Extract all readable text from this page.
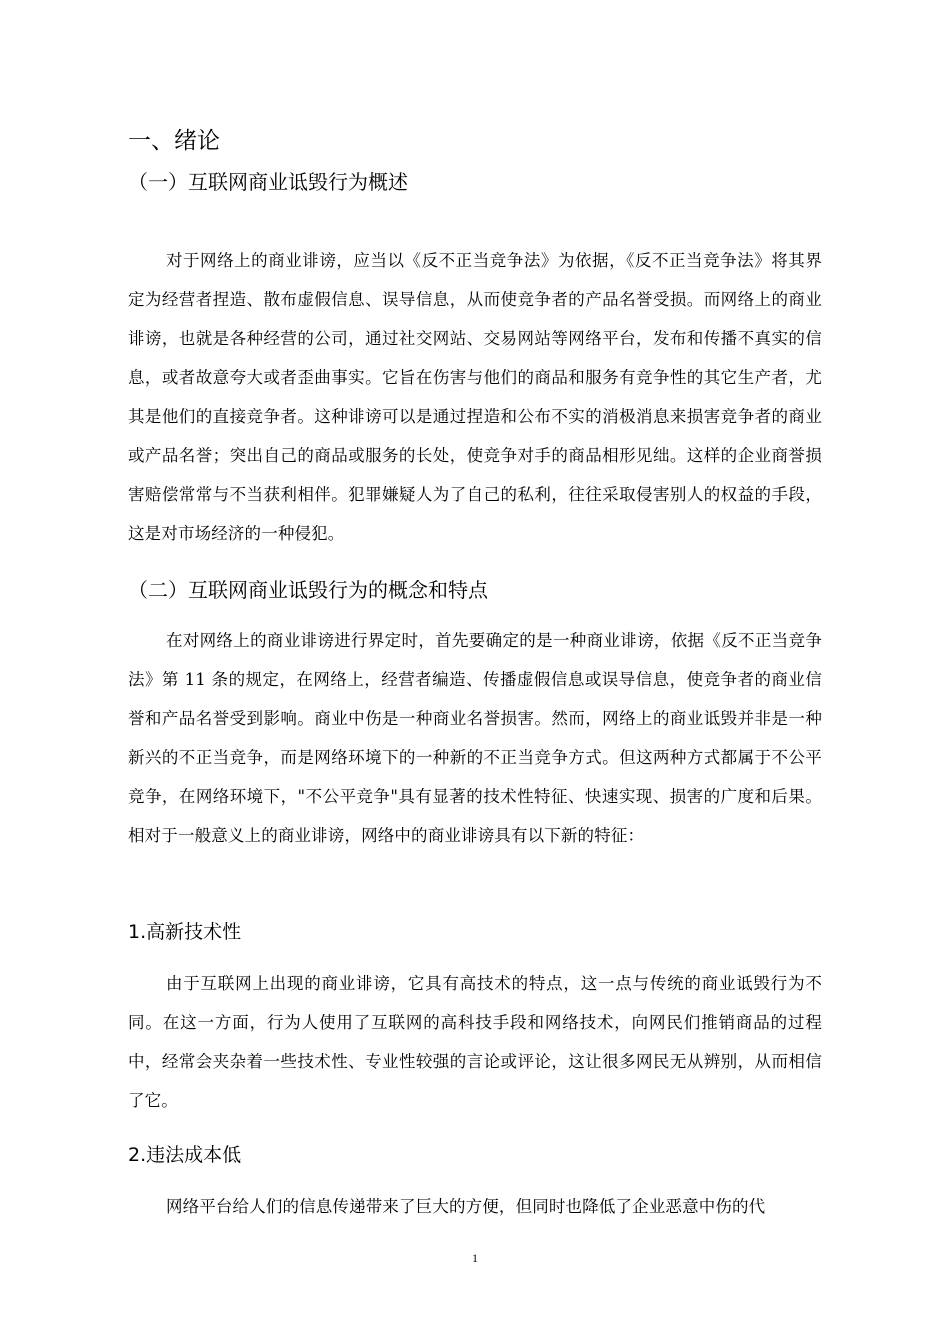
一、绪论
（一）互联网商业诋毁行为概述

对于网络上的商业诽谤，应当以《反不正当竞争法》为依据，《反不正当竞争法》将其界定为经营者捏造、散布虚假信息、误导信息，从而使竞争者的产品名誉受损。而网络上的商业诽谤，也就是各种经营的公司，通过社交网站、交易网站等网络平台，发布和传播不真实的信息，或者故意夸大或者歪曲事实。它旨在伤害与他们的商品和服务有竞争性的其它生产者，尤其是他们的直接竞争者。这种诽谤可以是通过捏造和公布不实的消极消息来损害竞争者的商业或产品名誉；突出自己的商品或服务的长处，使竞争对手的商品相形见绌。这样的企业商誉损害赔偿常常与不当获利相伴。犯罪嫌疑人为了自己的私利，往往采取侵害别人的权益的手段，这是对市场经济的一种侵犯。

（二）互联网商业诋毁行为的概念和特点

在对网络上的商业诽谤进行界定时，首先要确定的是一种商业诽谤，依据《反不正当竞争法》第 11 条的规定，在网络上，经营者编造、传播虚假信息或误导信息，使竞争者的商业信誉和产品名誉受到影响。商业中伤是一种商业名誉损害。然而，网络上的商业诋毁并非是一种新兴的不正当竞争，而是网络环境下的一种新的不正当竞争方式。但这两种方式都属于不公平竞争，在网络环境下，"不公平竞争"具有显著的技术性特征、快速实现、损害的广度和后果。相对于一般意义上的商业诽谤，网络中的商业诽谤具有以下新的特征：

1.高新技术性

由于互联网上出现的商业诽谤，它具有高技术的特点，这一点与传统的商业诋毁行为不同。在这一方面，行为人使用了互联网的高科技手段和网络技术，向网民们推销商品的过程中，经常会夹杂着一些技术性、专业性较强的言论或评论，这让很多网民无从辨别，从而相信了它。

2.违法成本低

网络平台给人们的信息传递带来了巨大的方便，但同时也降低了企业恶意中伤的代

1
